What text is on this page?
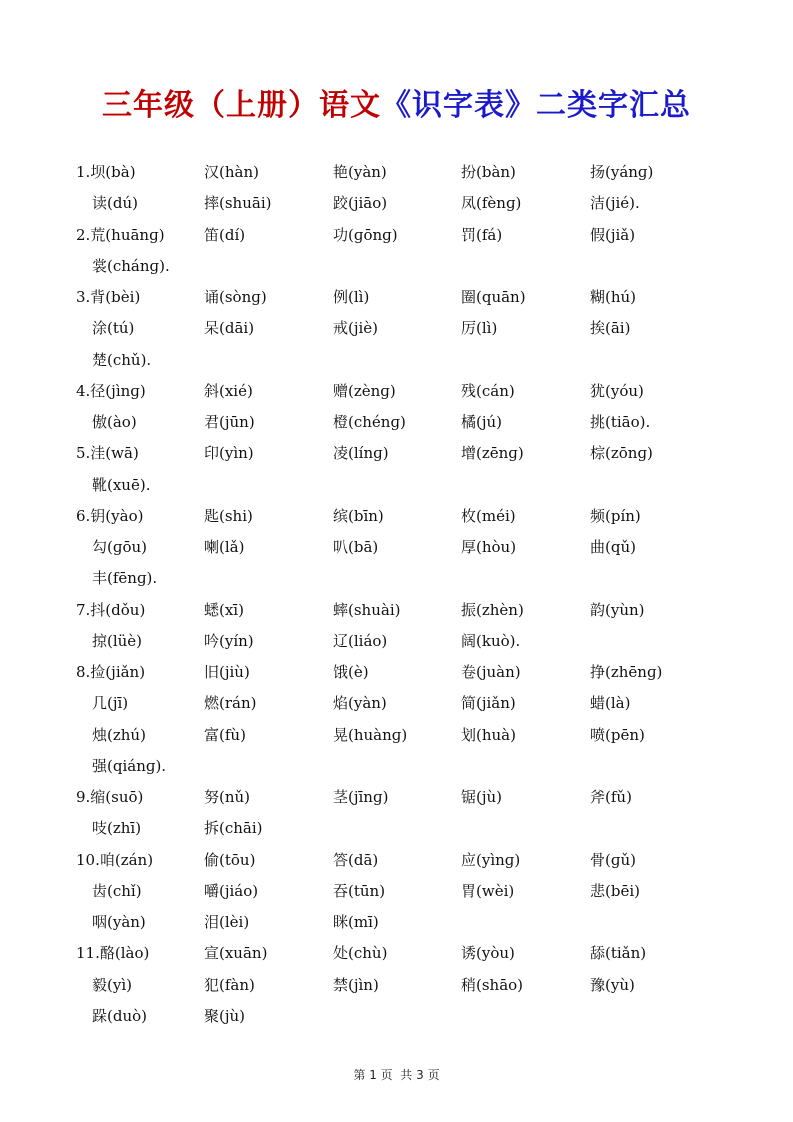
三年级（上册）语文《识字表》二类字汇总
1.坝(bà)	汉(hàn)	艳(yàn)	扮(bàn)	扬(yánɡ)
读(dú)	摔(shuāi)	跤(jiāo)	凤(fènɡ)	洁(jié).
2.荒(huānɡ)	笛(dí)	功(ɡōnɡ)	罚(fá)	假(jiǎ)
裳(chánɡ).
3.背(bèi)	诵(sònɡ)	例(lì)	圈(quān)	糊(hú)
涂(tú)	呆(dāi)	戒(jiè)	厉(lì)	挨(āi)
楚(chǔ).
4.径(jìnɡ)	斜(xié)	赠(zènɡ)	残(cán)	犹(yóu)
傲(ào)	君(jūn)	橙(chénɡ)	橘(jú)	挑(tiāo).
5.洼(wā)	印(yìn)	凌(línɡ)	增(zēnɡ)	棕(zōnɡ)
靴(xuē).
6.钥(yào)	匙(shi)	缤(bīn)	枚(méi)	频(pín)
勾(ɡōu)	喇(lǎ)	叭(bā)	厚(hòu)	曲(qǔ)
丰(fēnɡ).
7.抖(dǒu)	蟋(xī)	蟀(shuài)	振(zhèn)	韵(yùn)
掠(lüè)	吟(yín)	辽(liáo)	阔(kuò).
8.捡(jiǎn)	旧(jiù)	饿(è)	卷(juàn)	挣(zhēnɡ)
几(jī)	燃(rán)	焰(yàn)	简(jiǎn)	蜡(là)
烛(zhú)	富(fù)	晃(huànɡ)	划(huà)	喷(pēn)
强(qiánɡ).
9.缩(suō)	努(nǔ)	茎(jīnɡ)	锯(jù)	斧(fǔ)
吱(zhī)	拆(chāi)
10.咱(zán)	偷(tōu)	答(dā)	应(yìnɡ)	骨(ɡǔ)
齿(chǐ)	嚼(jiáo)	吞(tūn)	胃(wèi)	悲(bēi)
咽(yàn)	泪(lèi)	眯(mī)
11.酪(lào)	宣(xuān)	处(chù)	诱(yòu)	舔(tiǎn)
毅(yì)	犯(fàn)	禁(jìn)	稍(shāo)	豫(yù)
跺(duò)	聚(jù)
第 1 页  共 3 页
